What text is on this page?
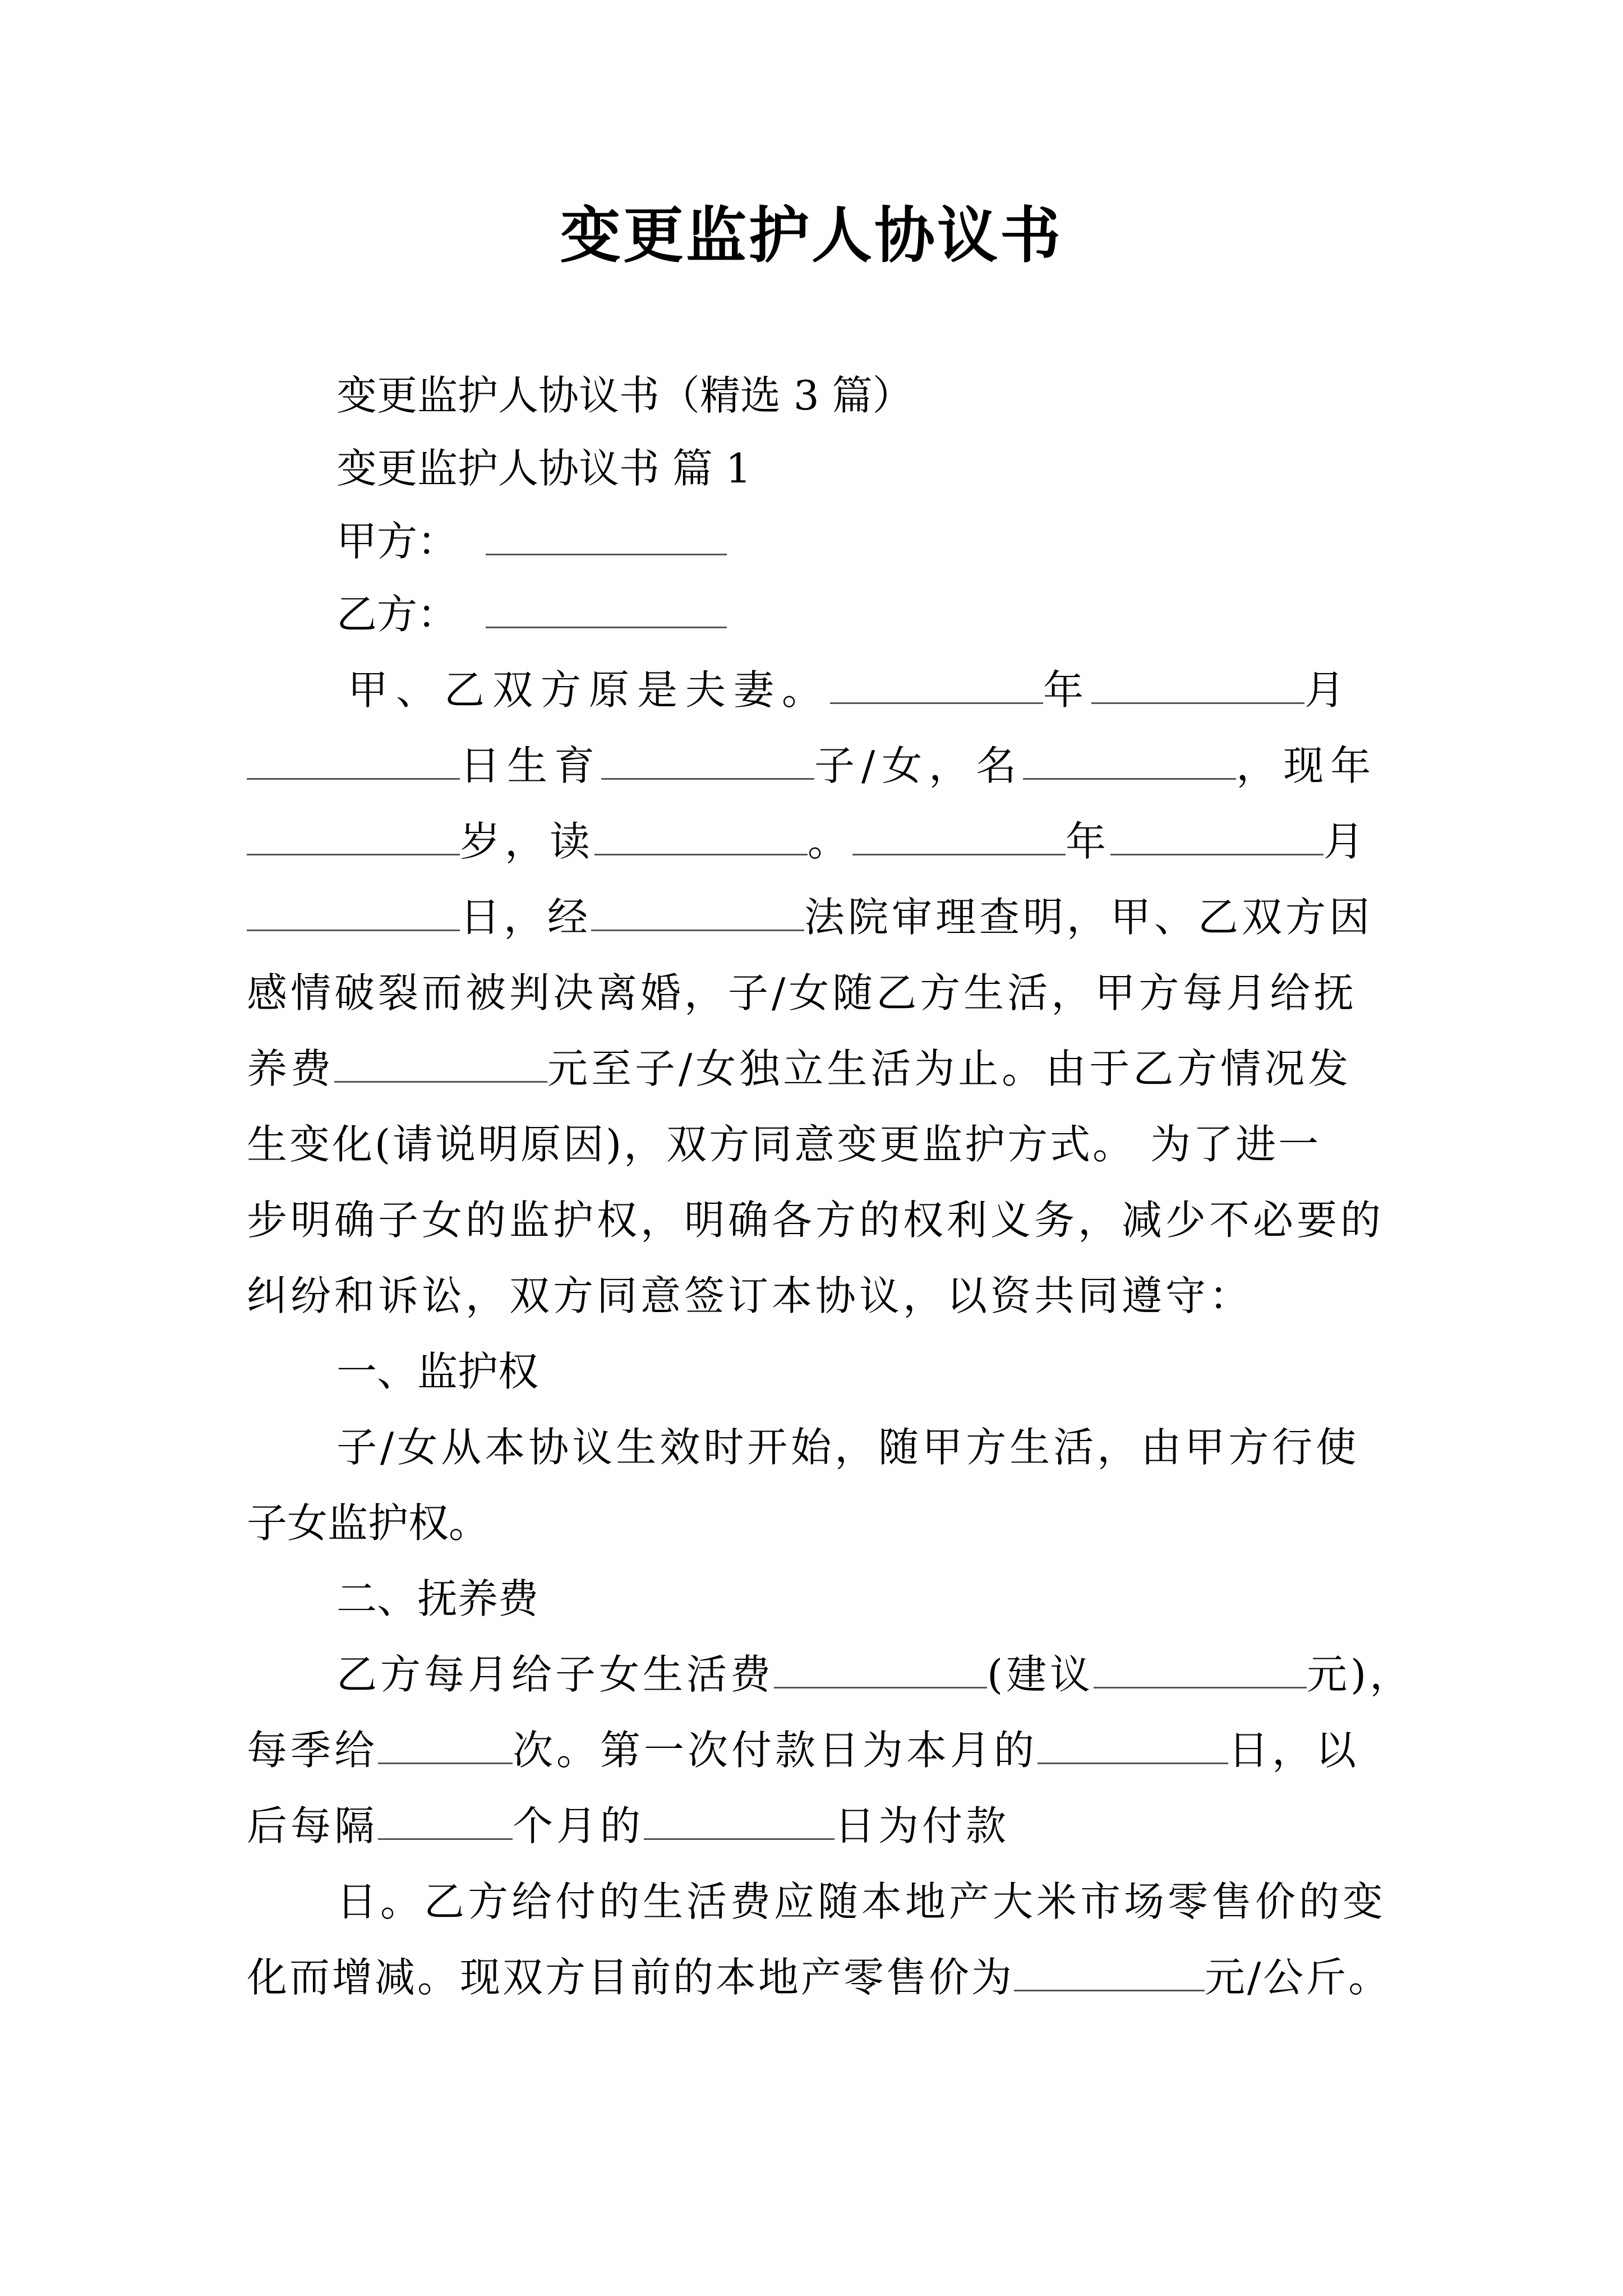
变更监护人协议书
变更监护人协议书（精选 3 篇）
变更监护人协议书 篇 1
甲方：
乙方：
甲、乙双方原是夫妻。	年	月
日生育	子/女，名	，现年
岁，读	。	年	月
日，经	法院审理查明，甲、乙双方因
感情破裂而被判决离婚，子/女随乙方生活，甲方每月给抚
养费	元至子/女独立生活为止。由于乙方情况发
生变化(请说明原因)，双方同意变更监护方式。 为了进一
步明确子女的监护权，明确各方的权利义务，减少不必要的
纠纷和诉讼，双方同意签订本协议，以资共同遵守：
一、监护权
子/女从本协议生效时开始，随甲方生活，由甲方行使
子女监护权。
二、抚养费
乙方每月给子女生活费	(建议	元)，
每季给	次。第一次付款日为本月的	日，以
后每隔	个月的	日为付款
日。乙方给付的生活费应随本地产大米市场零售价的变
化而增减。现双方目前的本地产零售价为	元/公斤。
